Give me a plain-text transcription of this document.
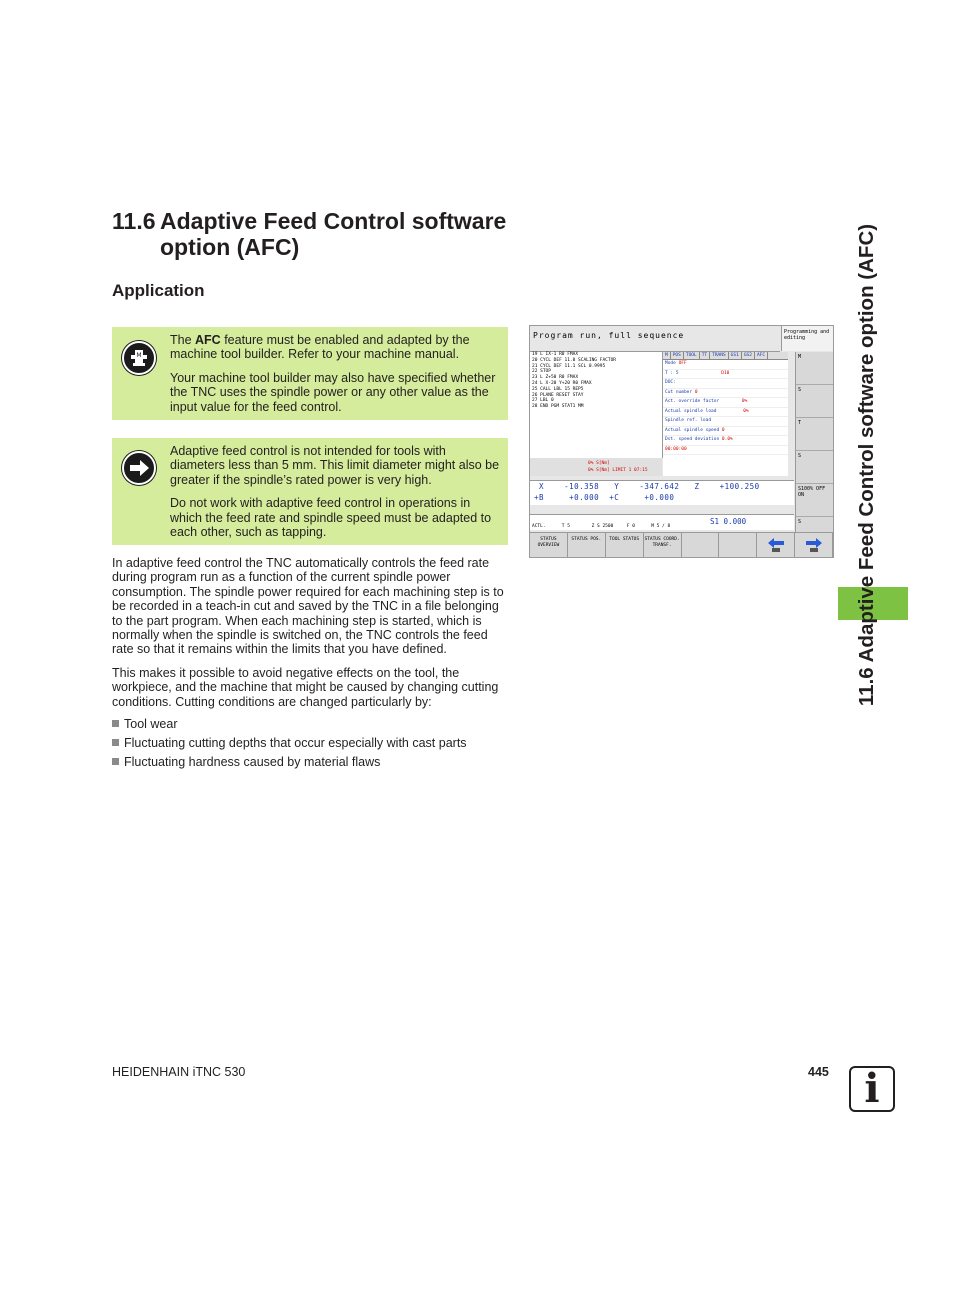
11.6 Adaptive Feed Control software
option (AFC)
Application
M

The AFC feature must be enabled and adapted by the machine tool builder. Refer to your machine manual.

Your machine tool builder may also have specified whether the TNC uses the spindle power or any other value as the input value for the feed control.

Adaptive feed control is not intended for tools with diameters less than 5 mm. This limit diameter might also be greater if the spindle’s rated power is very high.

Do not work with adaptive feed control in operations in which the feed rate and spindle speed must be adapted to each other, such as tapping.

In adaptive feed control the TNC automatically controls the feed rate during program run as a function of the current spindle power consumption. The spindle power required for each machining step is to be recorded in a teach-in cut and saved by the TNC in a file belonging to the part program. When each machining step is started, which is normally when the spindle is switched on, the TNC controls the feed rate so that it remains within the limits that you have defined.

This makes it possible to avoid negative effects on the tool, the workpiece, and the machine that might be caused by changing cutting conditions. Cutting conditions are changed particularly by:

Tool wear
Fluctuating cutting depths that occur especially with cast parts
Fluctuating hardness caused by material flaws
Program run, full sequence	Programming and editing
19 L IX-1 R0 FMAX
20 CYCL DEF 11.0 SCALING FACTOR
21 CYCL DEF 11.1 SCL 0.9995
22 STOP
23 L Z+50 R0 FMAX
24 L X-20 Y+20 R0 FMAX
25 CALL LBL 15 REP5
26 PLANE RESET STAY
27 LBL 0
28 END PGM STAT1 MM
0% S[Nm]
0% S[Nm] LIMIT 1 07:15
M	POS	TOOL	TT	TRANS	GS1	GS2	AFC
Mode OFF
T : 5	D10
DOC:
Cut number 0
Act. override factor	0%
Actual spindle load	0%
Spindle ref. load
Actual spindle speed 0
Dst. speed deviation 0.0%
00:00:00
M
S
T
S
S100% OFF ON
S
X    -10.358   Y    -347.642   Z    +100.250
+B     +0.000  +C     +0.000
S1 0.000
ACTL.      T 5        Z S 2500     F 0      M 5 / 8
STATUS OVERVIEW
STATUS POS.	TOOL STATUS	STATUS COORD. TRANSF.	11.6 Adaptive Feed Control software option (AFC)
HEIDENHAIN iTNC 530	445 i
